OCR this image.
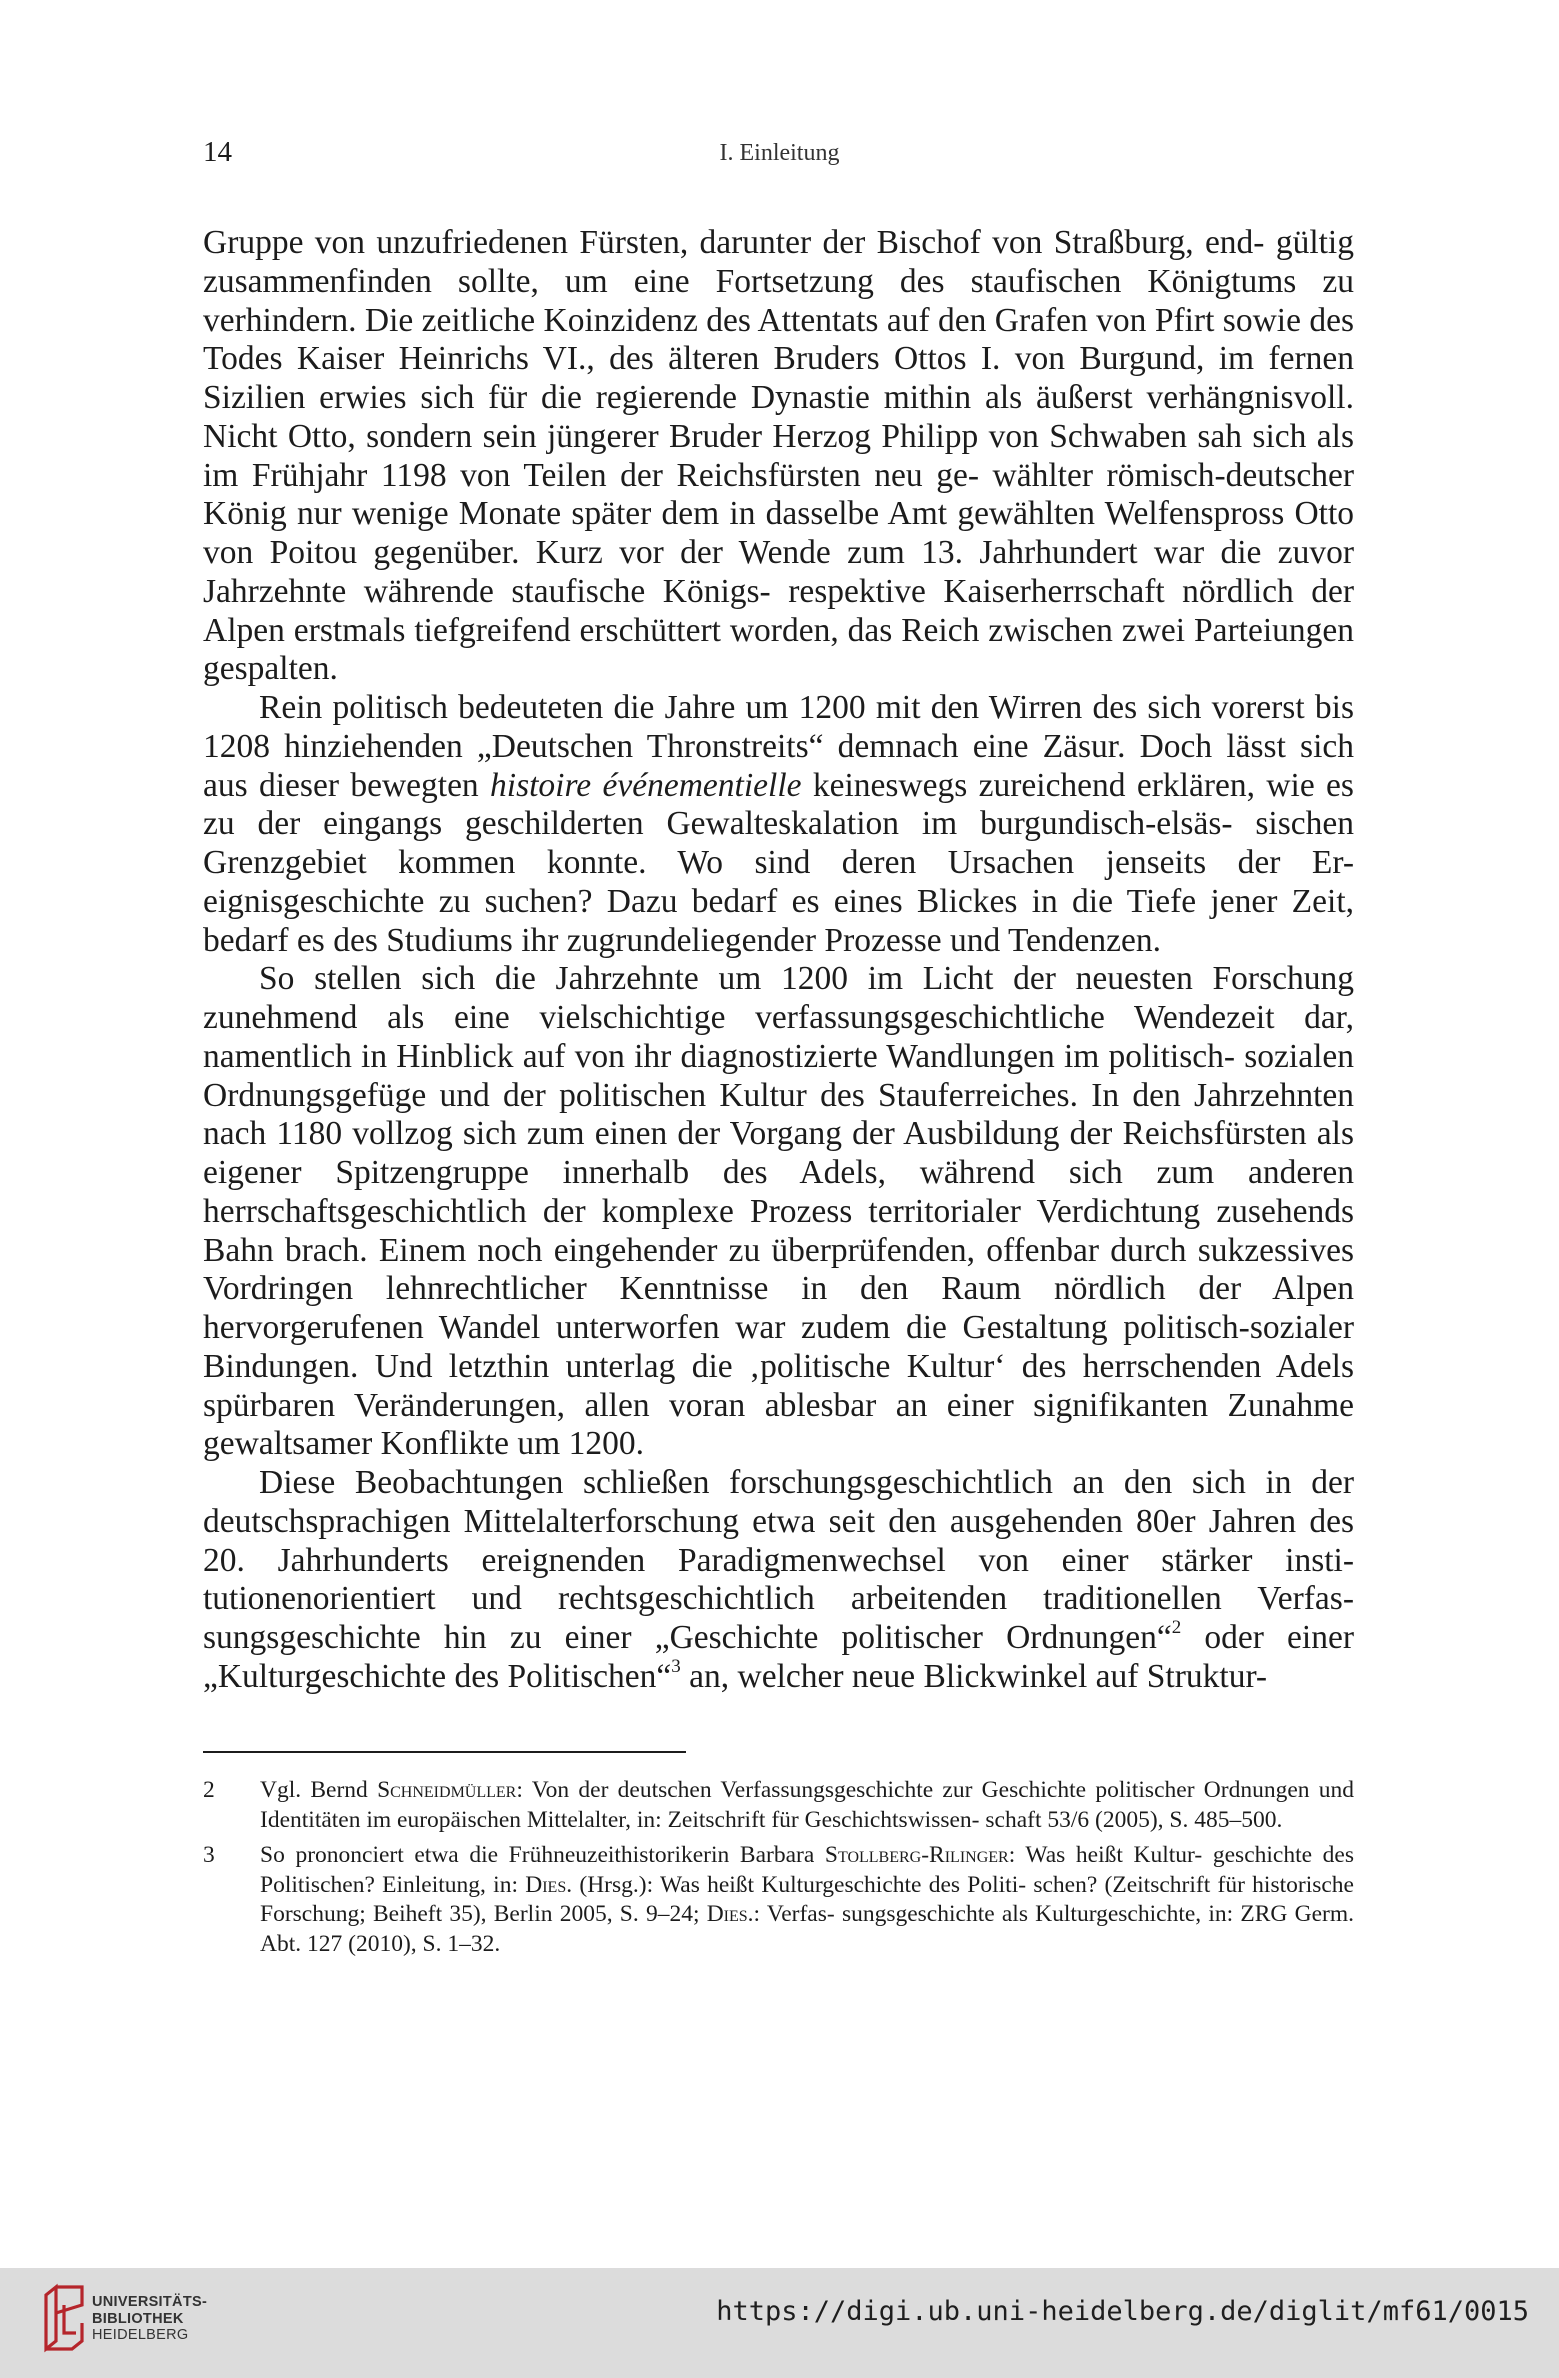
14	I. Einleitung

Gruppe von unzufriedenen Fürsten, darunter der Bischof von Straßburg, end- gültig zusammenfinden sollte, um eine Fortsetzung des staufischen Königtums zu verhindern. Die zeitliche Koinzidenz des Attentats auf den Grafen von Pfirt sowie des Todes Kaiser Heinrichs VI., des älteren Bruders Ottos I. von Burgund, im fernen Sizilien erwies sich für die regierende Dynastie mithin als äußerst verhängnisvoll. Nicht Otto, sondern sein jüngerer Bruder Herzog Philipp von Schwaben sah sich als im Frühjahr 1198 von Teilen der Reichsfürsten neu ge- wählter römisch-deutscher König nur wenige Monate später dem in dasselbe Amt gewählten Welfenspross Otto von Poitou gegenüber. Kurz vor der Wende zum 13. Jahrhundert war die zuvor Jahrzehnte währende staufische Königs- respektive Kaiserherrschaft nördlich der Alpen erstmals tiefgreifend erschüttert worden, das Reich zwischen zwei Parteiungen gespalten.

Rein politisch bedeuteten die Jahre um 1200 mit den Wirren des sich vorerst bis 1208 hinziehenden „Deutschen Thronstreits“ demnach eine Zäsur. Doch lässt sich aus dieser bewegten histoire événementielle keineswegs zureichend erklären, wie es zu der eingangs geschilderten Gewalteskalation im burgundisch-elsäs- sischen Grenzgebiet kommen konnte. Wo sind deren Ursachen jenseits der Er- eignisgeschichte zu suchen? Dazu bedarf es eines Blickes in die Tiefe jener Zeit, bedarf es des Studiums ihr zugrundeliegender Prozesse und Tendenzen.

So stellen sich die Jahrzehnte um 1200 im Licht der neuesten Forschung zunehmend als eine vielschichtige verfassungsgeschichtliche Wendezeit dar, namentlich in Hinblick auf von ihr diagnostizierte Wandlungen im politisch- sozialen Ordnungsgefüge und der politischen Kultur des Stauferreiches. In den Jahrzehnten nach 1180 vollzog sich zum einen der Vorgang der Ausbildung der Reichsfürsten als eigener Spitzengruppe innerhalb des Adels, während sich zum anderen herrschaftsgeschichtlich der komplexe Prozess territorialer Verdichtung zusehends Bahn brach. Einem noch eingehender zu überprüfenden, offenbar durch sukzessives Vordringen lehnrechtlicher Kenntnisse in den Raum nördlich der Alpen hervorgerufenen Wandel unterworfen war zudem die Gestaltung politisch-sozialer Bindungen. Und letzthin unterlag die ‚politische Kultur‘ des herrschenden Adels spürbaren Veränderungen, allen voran ablesbar an einer signifikanten Zunahme gewaltsamer Konflikte um 1200.

Diese Beobachtungen schließen forschungsgeschichtlich an den sich in der deutschsprachigen Mittelalterforschung etwa seit den ausgehenden 80er Jahren des 20. Jahrhunderts ereignenden Paradigmenwechsel von einer stärker insti- tutionenorientiert und rechtsgeschichtlich arbeitenden traditionellen Verfas- sungsgeschichte hin zu einer „Geschichte politischer Ordnungen“$^2$ oder einer „Kulturgeschichte des Politischen“$^3$ an, welcher neue Blickwinkel auf Struktur-

2 Vgl. Bernd Schneidmüller: Von der deutschen Verfassungsgeschichte zur Geschichte politischer Ordnungen und Identitäten im europäischen Mittelalter, in: Zeitschrift für Geschichtswissen- schaft 53/6 (2005), S. 485–500.
3 So prononciert etwa die Frühneuzeithistorikerin Barbara Stollberg-Rilinger: Was heißt Kultur- geschichte des Politischen? Einleitung, in: Dies. (Hrsg.): Was heißt Kulturgeschichte des Politi- schen? (Zeitschrift für historische Forschung; Beiheft 35), Berlin 2005, S. 9–24; Dies.: Verfas- sungsgeschichte als Kulturgeschichte, in: ZRG Germ. Abt. 127 (2010), S. 1–32.
UNIVERSITÄTS-
BIBLIOTHEK
HEIDELBERG
https://digi.ub.uni-heidelberg.de/diglit/mf61/0015
